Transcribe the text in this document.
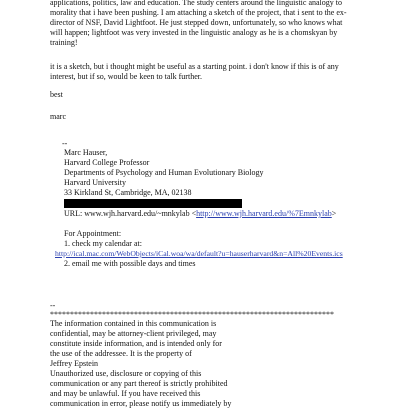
applications, politics, law and education. The study centers around the linguistic analogy to
morality that i have been pushing. I am attaching a sketch of the project, that i sent to the ex-
director of NSF, David Lightfoot. He just stepped down, unfortunately, so who knows what
will happen; lightfoot was very invested in the linguistic analogy as he is a chomskyan by
training!
it is a sketch, but i thought might be useful as a starting point. i don't know if this is of any
interest, but if so, would be keen to talk further.
best
marc
--
Marc Hauser,
Harvard College Professor
Departments of Psychology and Human Evolutionary Biology
Harvard University
33 Kirkland St, Cambridge, MA, 02138
URL: www.wjh.harvard.edu/~mnkylab <http://www.wjh.harvard.edu/%7Emnkylab>
For Appointment:
1. check my calendar at:
http://ical.mac.com/WebObjects/iCal.woa/wa/default?u=hauserharvard&n=All%20Events.ics
2. email me with possible days and times
--
***********************************************************************
The information contained in this communication is
confidential, may be attorney-client privileged, may
constitute inside information, and is intended only for
the use of the addressee. It is the property of
Jeffrey Epstein
Unauthorized use, disclosure or copying of this
communication or any part thereof is strictly prohibited
and may be unlawful. If you have received this
communication in error, please notify us immediately by
